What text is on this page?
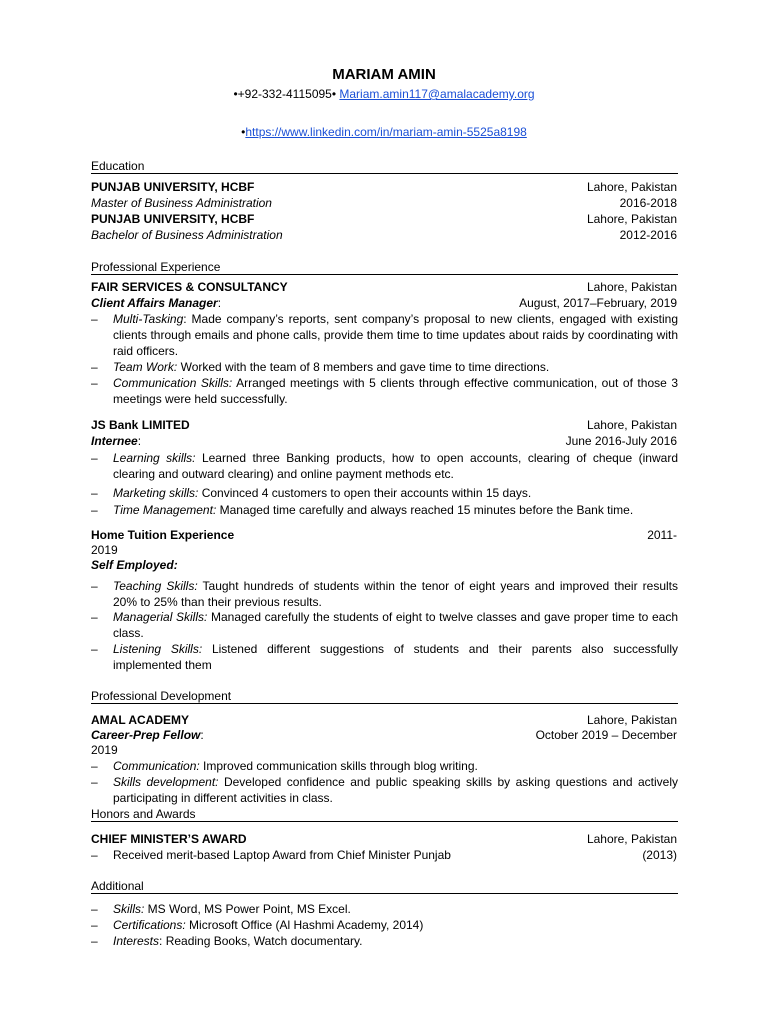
MARIAM AMIN
•+92-332-4115095• Mariam.amin117@amalacademy.org
•https://www.linkedin.com/in/mariam-amin-5525a8198
Education
PUNJAB UNIVERSITY, HCBF	Lahore, Pakistan
Master of Business Administration	2016-2018
PUNJAB UNIVERSITY, HCBF	Lahore, Pakistan
Bachelor of Business Administration	2012-2016
Professional Experience
FAIR SERVICES & CONSULTANCY	Lahore, Pakistan
Client Affairs Manager:	August, 2017–February, 2019
– Multi-Tasking: Made company’s reports, sent company’s proposal to new clients, engaged with existing clients through emails and phone calls, provide them time to time updates about raids by coordinating with raid officers.
– Team Work: Worked with the team of 8 members and gave time to time directions.
– Communication Skills: Arranged meetings with 5 clients through effective communication, out of those 3 meetings were held successfully.
JS Bank LIMITED	Lahore, Pakistan
Internee:	June 2016-July 2016
– Learning skills: Learned three Banking products, how to open accounts, clearing of cheque (inward clearing and outward clearing) and online payment methods etc.
– Marketing skills: Convinced 4 customers to open their accounts within 15 days.
– Time Management: Managed time carefully and always reached 15 minutes before the Bank time.
Home Tuition Experience	2011-
2019
Self Employed:
– Teaching Skills: Taught hundreds of students within the tenor of eight years and improved their results 20% to 25% than their previous results.
– Managerial Skills: Managed carefully the students of eight to twelve classes and gave proper time to each class.
– Listening Skills: Listened different suggestions of students and their parents also successfully implemented them
Professional Development
AMAL ACADEMY	Lahore, Pakistan
Career-Prep Fellow:	October 2019 – December
2019
– Communication: Improved communication skills through blog writing.
– Skills development: Developed confidence and public speaking skills by asking questions and actively participating in different activities in class.
Honors and Awards
CHIEF MINISTER’S AWARD	Lahore, Pakistan
– Received merit-based Laptop Award from Chief Minister Punjab	(2013)
Additional
– Skills: MS Word, MS Power Point, MS Excel.
– Certifications: Microsoft Office (Al Hashmi Academy, 2014)
– Interests: Reading Books, Watch documentary.
